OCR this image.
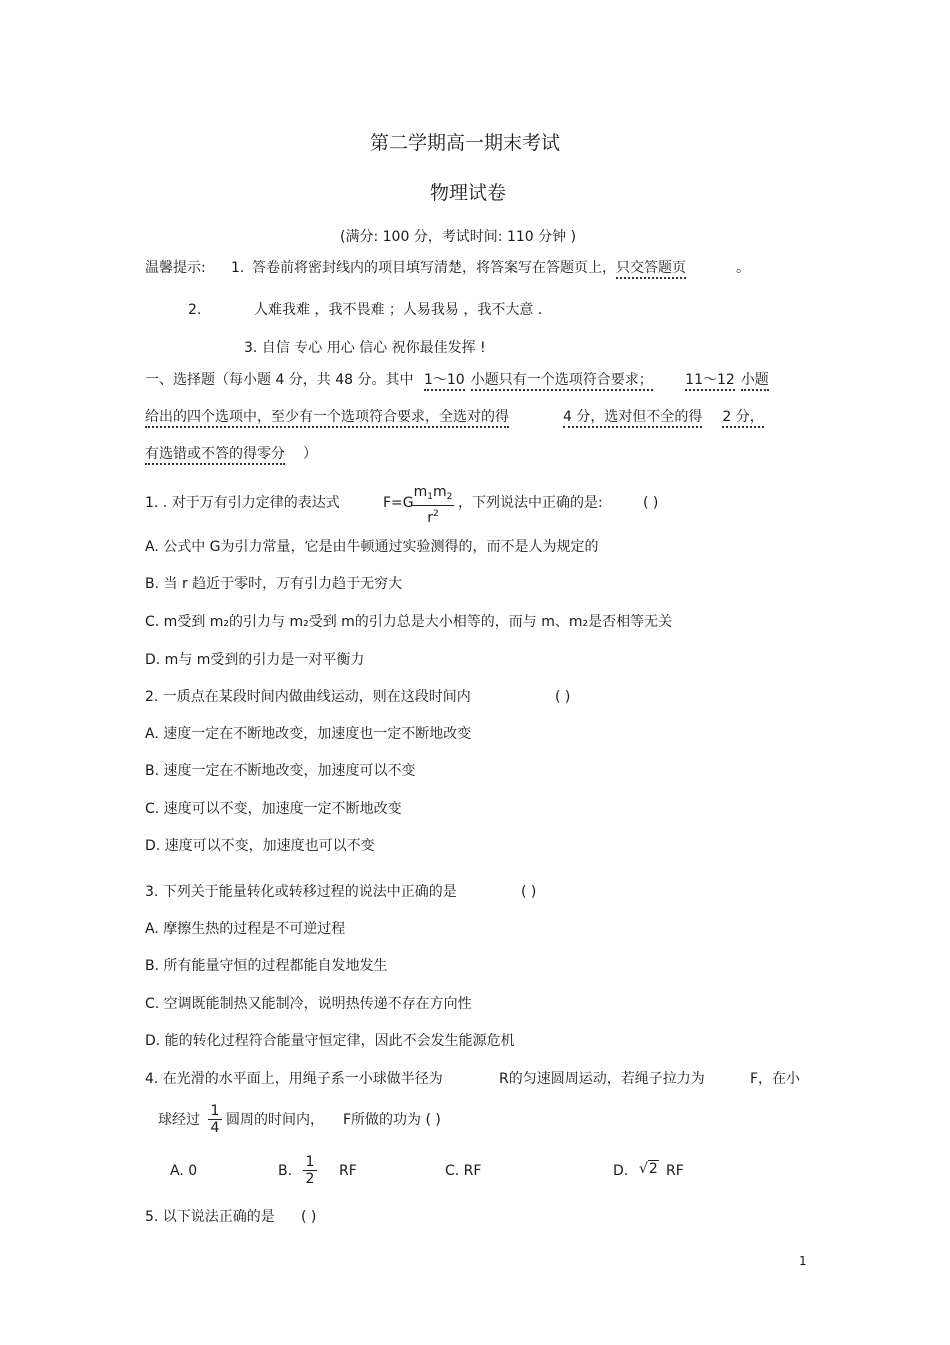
第二学期高一期末考试
物理试卷
(满分: 100 分，考试时间: 110 分钟 )
温馨提示: 1. 答卷前将密封线内的项目填写清楚，将答案写在答题页上，只交答题页	。
2.	人难我难 ，我不畏难 ；人易我易 ，我不大意 .
3. 自信 专心 用心 信心 祝你最佳发挥 !
一、选择题（每小题 4 分，共 48 分。其中 1～10 小题只有一个选项符合要求； 11～12 小题
给出的四个选项中，至少有一个选项符合要求，全选对的得	4 分，选对但不全的得 2 分，
有选错或不答的得零分 ）
1. . 对于万有引力定律的表达式	F=G
$\frac{m_1m_2}{r^2}$ ，下列说法中正确的是:	( )
A. 公式中 G为引力常量，它是由牛顿通过实验测得的，而不是人为规定的
B. 当 r 趋近于零时，万有引力趋于无穷大
C. m受到 m₂的引力与 m₂受到 m的引力总是大小相等的，而与 m、m₂是否相等无关
D. m与 m受到的引力是一对平衡力
2. 一质点在某段时间内做曲线运动，则在这段时间内	( )
A. 速度一定在不断地改变，加速度也一定不断地改变
B. 速度一定在不断地改变，加速度可以不变
C. 速度可以不变，加速度一定不断地改变
D. 速度可以不变，加速度也可以不变
3. 下列关于能量转化或转移过程的说法中正确的是	( )
A. 摩擦生热的过程是不可逆过程
B. 所有能量守恒的过程都能自发地发生
C. 空调既能制热又能制冷，说明热传递不存在方向性
D. 能的转化过程符合能量守恒定律，因此不会发生能源危机
4. 在光滑的水平面上，用绳子系一小球做半径为	R的匀速圆周运动，若绳子拉力为	F，在小
球经过 $\frac{1}{4}$ 圆周的时间内， F所做的功为 ( )
A. 0	B. $\frac{1}{2}$ RF	C. RF	D. √2 RF
5. 以下说法正确的是 ( )
1
